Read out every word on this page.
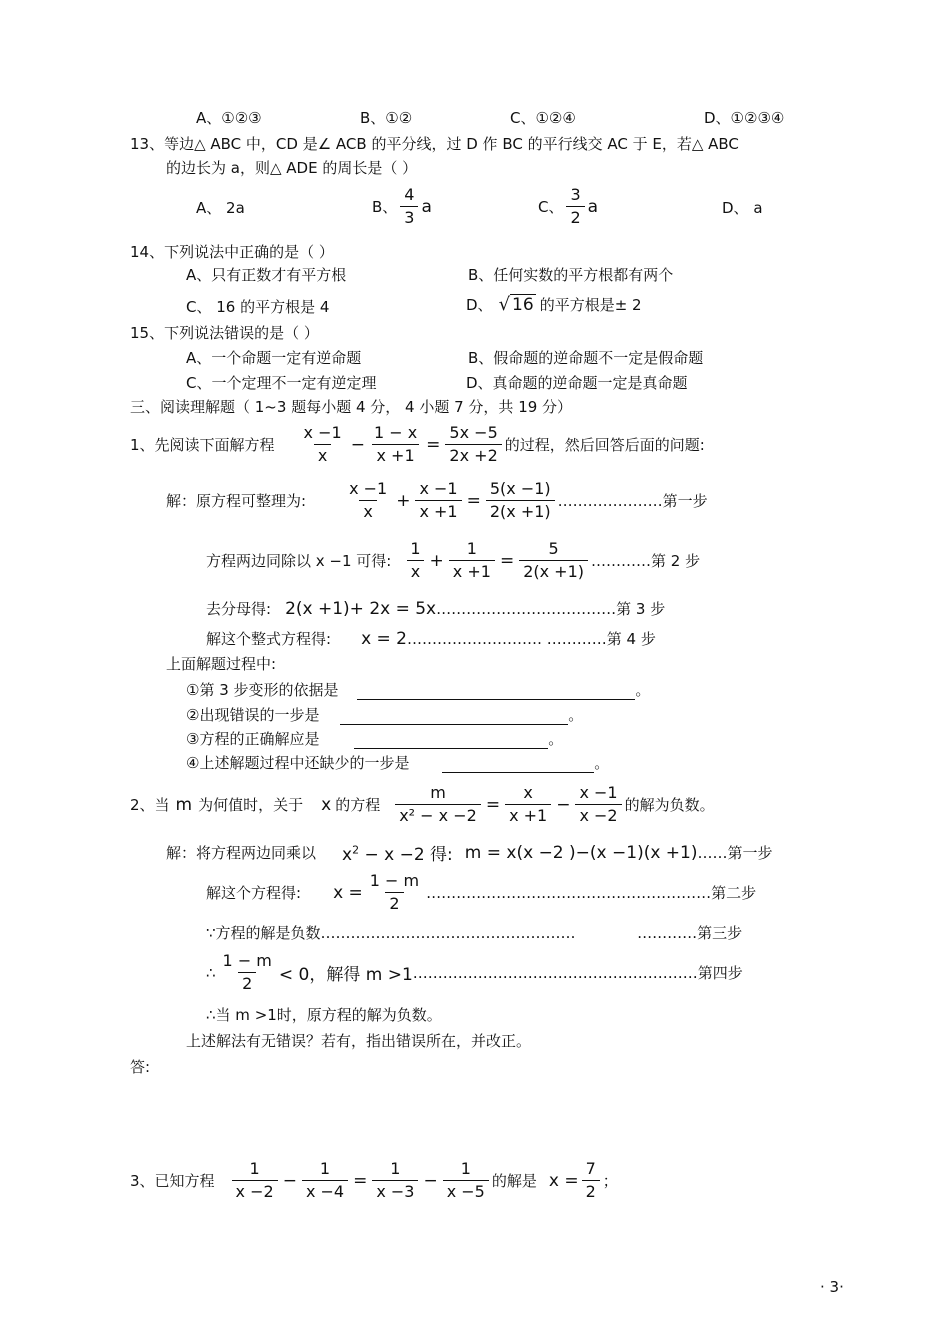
A、①②③	B、①②	C、①②④	D、①②③④
13、等边△ ABC 中，CD 是∠ ACB 的平分线，过 D 作 BC 的平行线交 AC 于 E，若△ ABC
的边长为 a，则△ ADE 的周长是（ ）
A、 2a	B、 $\frac{4}{3}$ a	C、 $\frac{3}{2}$ a	D、 a
14、下列说法中正确的是（ ）
A、只有正数才有平方根	B、任何实数的平方根都有两个
C、 16 的平方根是 4	D、 √ 16 的平方根是± 2
15、下列说法错误的是（ ）
A、一个命题一定有逆命题	B、假命题的逆命题不一定是假命题
C、一个定理不一定有逆定理	D、真命题的逆命题一定是真命题
三、阅读理解题（ 1~3 题每小题 4 分， 4 小题 7 分，共 19 分）
1、先阅读下面解方程 $\frac{x -1}{x} - \frac{1 - x}{x +1} = \frac{5x -5}{2x +2}$ 的过程，然后回答后面的问题:
解：原方程可整理为: $\frac{x -1}{x} + \frac{x -1}{x +1} = \frac{5(x -1)}{2(x +1)}$ …………………第一步
方程两边同除以 x −1 可得: $\frac{1}{x} + \frac{1}{x +1} = \frac{5}{2(x +1)}$ …………第 2 步
去分母得: 2(x +1)+ 2x = 5x ………………………………第 3 步
解这个整式方程得: x = 2 ……………………… …………第 4 步
上面解题过程中:
①第 3 步变形的依据是	。
②出现错误的一步是	。
③方程的正确解应是	。
④上述解题过程中还缺少的一步是	。
2、当 m 为何值时，关于 x 的方程 $\frac{m}{\text{x² − x −2}} = \frac{x}{x +1} - \frac{x -1}{x -2}$ 的解为负数。
解：将方程两边同乘以 $x^2 - x -2$ 得: m = x(x −2 )−(x −1)(x +1) ……第一步
解这个方程得: $x = \frac{1 - m}{2}$ …………………………………………………第二步
∵方程的解是负数……………………………………………	…………第三步
∴ $\frac{1 - m}{2} < 0$，解得 m >1 …………………………………………………第四步
∴当 m >1时，原方程的解为负数。
上述解法有无错误？若有，指出错误所在，并改正。
答:
3、已知方程 $\frac{1}{x -2} - \frac{1}{x -4} = \frac{1}{x -3} - \frac{1}{x -5}$ 的解是 $x = \frac{7}{2}$ ；
· 3·
